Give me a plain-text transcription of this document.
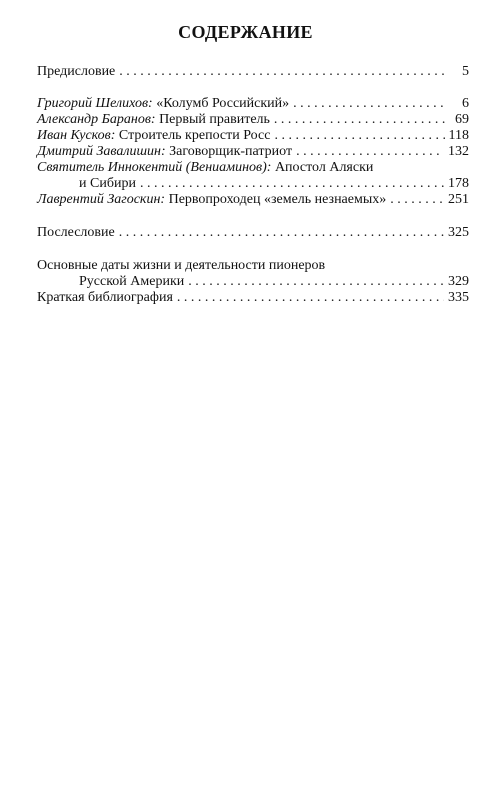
СОДЕРЖАНИЕ
Предисловие . . .	5
Григорий Шелихов: «Колумб Российский» . . .	6
Александр Баранов: Первый правитель . . .	69
Иван Кусков: Строитель крепости Росс . . .	118
Дмитрий Завалишин: Заговорщик-патриот . . .	132
Святитель Иннокентий (Вениаминов): Апостол Аляски
и Сибири . . .	178
Лаврентий Загоскин: Первопроходец «земель незнаемых» . . .	251
Послесловие . . .	325
Основные даты жизни и деятельности пионеров
Русской Америки . . .	329
Краткая библиография . . .	335
